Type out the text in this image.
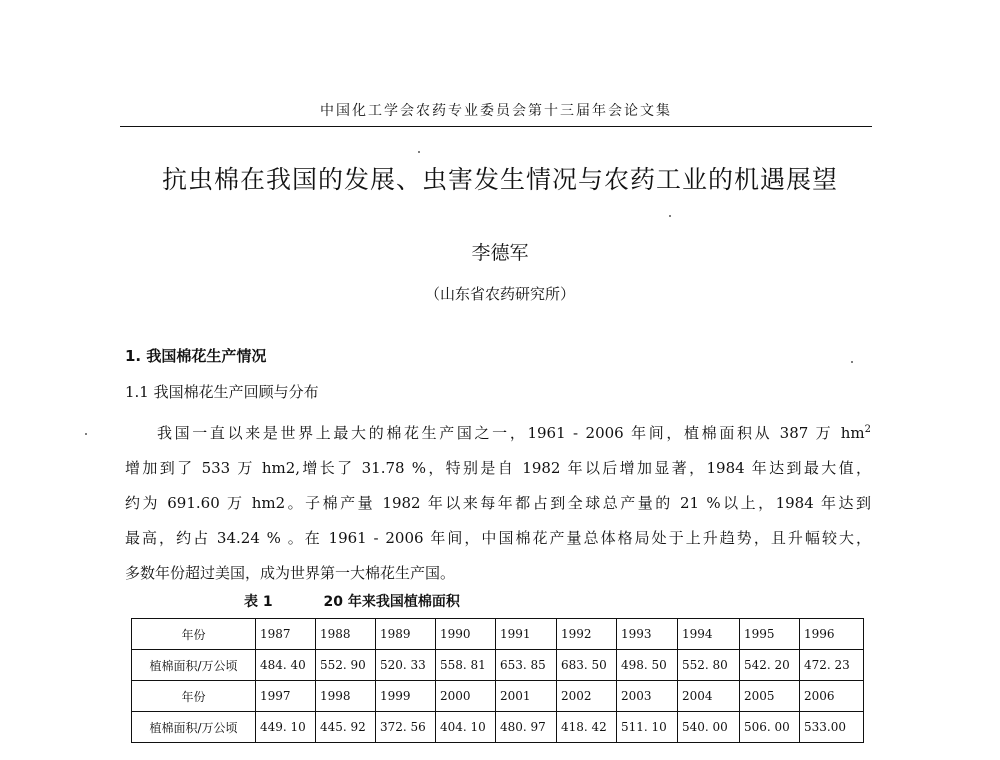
中国化工学会农药专业委员会第十三届年会论文集
抗虫棉在我国的发展、虫害发生情况与农药工业的机遇展望
李德军
（山东省农药研究所）
1. 我国棉花生产情况
1.1 我国棉花生产回顾与分布
我国一直以来是世界上最大的棉花生产国之一，1961 - 2006 年间，植棉面积从 387 万 $hm^2$
增加到了 533 万 hm2,增长了 31.78 %，特别是自 1982 年以后增加显著，1984 年达到最大值，
约为 691.60 万 hm2。子棉产量 1982 年以来每年都占到全球总产量的 21 %以上，1984 年达到
最高，约占 34.24 % 。在 1961 - 2006 年间，中国棉花产量总体格局处于上升趋势，且升幅较大，
多数年份超过美国，成为世界第一大棉花生产国。
表 1	20 年来我国植棉面积
年份	1987	1988	1989	1990	1991	1992	1993	1994	1995	1996
植棉面积/万公顷	484. 40	552. 90	520. 33	558. 81	653. 85	683. 50	498. 50	552. 80	542. 20	472. 23
年份	1997	1998	1999	2000	2001	2002	2003	2004	2005	2006
植棉面积/万公顷	449. 10	445. 92	372. 56	404. 10	480. 97	418. 42	511. 10	540. 00	506. 00	533.00
